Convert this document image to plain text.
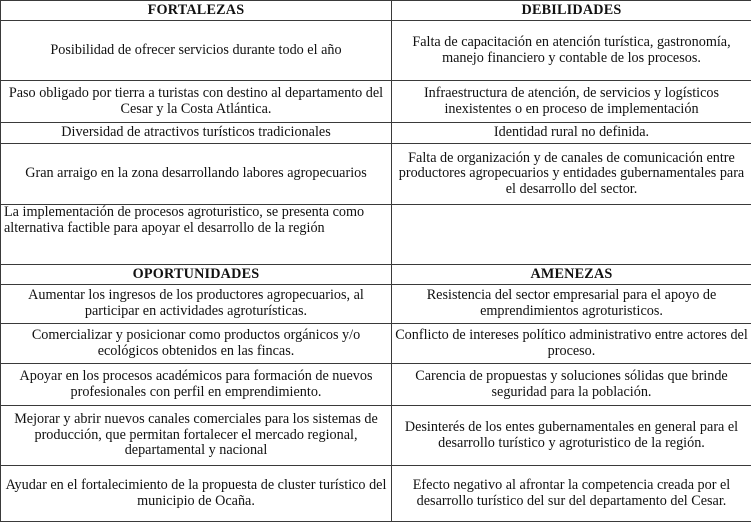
FORTALEZAS	DEBILIDADES
Posibilidad de ofrecer servicios durante todo el año	Falta de capacitación en atención turística, gastronomía, manejo financiero y contable de los procesos.
Paso obligado por tierra a turistas con destino al departamento del Cesar y la Costa Atlántica.	Infraestructura de atención, de servicios y logísticos inexistentes o en proceso de implementación
Diversidad de atractivos turísticos tradicionales	Identidad rural no definida.
Gran arraigo en la zona desarrollando labores agropecuarios	Falta de organización y de canales de comunicación entre productores agropecuarios y entidades gubernamentales para el desarrollo del sector.
La implementación de procesos agroturistico, se presenta como alternativa factible para apoyar el desarrollo de la región	
OPORTUNIDADES	AMENEZAS
Aumentar los ingresos de los productores agropecuarios, al participar en actividades agroturísticas.	Resistencia del sector empresarial para el apoyo de emprendimientos agroturisticos.
Comercializar y posicionar como productos orgánicos y/o ecológicos obtenidos en las fincas.	Conflicto de intereses político administrativo entre actores del proceso.
Apoyar en los procesos académicos para formación de nuevos profesionales con perfil en emprendimiento.	Carencia de propuestas y soluciones sólidas que brinde seguridad para la población.
Mejorar y abrir nuevos canales comerciales para los sistemas de producción, que permitan fortalecer el mercado regional, departamental y nacional	Desinterés de los entes gubernamentales en general para el desarrollo turístico y agroturistico de la región.
Ayudar en el fortalecimiento de la propuesta de cluster turístico del municipio de Ocaña.	Efecto negativo al afrontar la competencia creada por el desarrollo turístico del sur del departamento del Cesar.
